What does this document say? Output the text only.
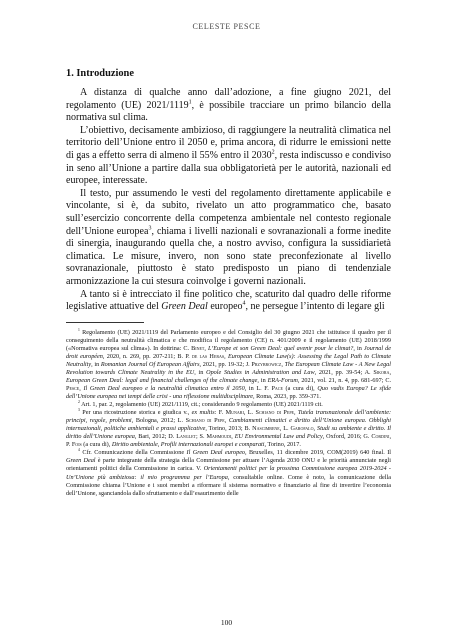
CELESTE PESCE
1. Introduzione

A distanza di qualche anno dall’adozione, a fine giugno 2021, del regolamento (UE) 2021/1119$^1$, è possibile tracciare un primo bilancio della normativa sul clima.

L’obiettivo, decisamente ambizioso, di raggiungere la neutralità climatica nel territorio dell’Unione entro il 2050 e, prima ancora, di ridurre le emissioni nette di gas a effetto serra di almeno il 55% entro il 2030$^2$, resta indiscusso e condiviso in seno all’Unione a partire dalla sua obbligatorietà per le autorità, nazionali ed europee, interessate.

Il testo, pur assumendo le vesti del regolamento direttamente applicabile e vincolante, si è, da subito, rivelato un atto programmatico che, basato sull’esercizio concorrente della competenza ambientale nel contesto regionale dell’Unione europea$^3$, chiama i livelli nazionali e sovranazionali a forme inedite di sinergia, inaugurando quella che, a nostro avviso, configura la sussidiarietà climatica. Le misure, invero, non sono state preconfezionate al livello sovranazionale, piuttosto è stato predisposto un piano di tendenziale armonizzazione la cui stesura coinvolge i governi nazionali.

A tanto si è intrecciato il fine politico che, scaturito dal quadro delle riforme legislative attuative del Green Deal europeo$^4$, ne persegue l’intento di legare gli

$^1$ Regolamento (UE) 2021/1119 del Parlamento europeo e del Consiglio del 30 giugno 2021 che istituisce il quadro per il conseguimento della neutralità climatica e che modifica il regolamento (CE) n. 401/2009 e il regolamento (UE) 2018/1999 («Normativa europea sul clima»). In dottrina: C. Binet, L’Europe et son Green Deal: quel avenir pour le climat?, in Journal de droit européen, 2020, n. 269, pp. 207-211; B. P. de las Heras, European Climate Law(s): Assessing the Legal Path to Climate Neutrality, in Romanian Journal Of European Affairs, 2021, pp. 19-32; J. Przybrowicz, The European Climate Law - A New Legal Revolution towards Climate Neutrality in the EU, in Opole Studies in Administration and Law, 2021, pp. 39-54; A. Sikora, European Green Deal: legal and financial challenges of the climate change, in ERA-Forum, 2021, vol. 21, n. 4, pp. 681-697; C. Pesce, Il Green Deal europeo e la neutralità climatica entro il 2050, in L. F. Pace (a cura di), Quo vadis Europa? Le sfide dell’Unione europea nei tempi delle crisi - una riflessione multidisciplinare, Roma, 2023, pp. 359-371.

$^2$ Art. 1, par. 2, regolamento (UE) 2021/1119, cit.; considerando 9 regolamento (UE) 2021/1119 cit.

$^3$ Per una ricostruzione storica e giudica v., ex multis: F. Munari, L. Schiano di Pepe, Tutela transnazionale dell’ambiente: principi, regole, problemi, Bologna, 2012; L. Schiano di Pepe, Cambiamenti climatici e diritto dell’Unione europea. Obblighi internazionali, politiche ambientali e prassi applicative, Torino, 2013; B. Nascimbene, L. Garofalo, Studi su ambiente e diritto. Il diritto dell’Unione europea, Bari, 2012; D. Langlet; S. Mahmoudi, EU Environmental Law and Policy, Oxford, 2016; G. Cordini, P. Fois (a cura di), Diritto ambientale, Profili internazionali europei e comparati, Torino, 2017.

$^4$ Cfr. Comunicazione della Commissione Il Green Deal europeo, Bruxelles, 11 dicembre 2019, COM(2019) 640 final. Il Green Deal è parte integrante della strategia della Commissione per attuare l’Agenda 2030 ONU e le priorità annunciate negli orientamenti politici della Commissione in carica. V. Orientamenti politici per la prossima Commissione europea 2019-2024 - Un’Unione più ambiziosa: il mio programma per l’Europa, consultabile online. Come è noto, la comunicazione della Commissione chiama l’Unione e i suoi membri a riformare il sistema normativo e finanziario al fine di invertire l’economia dell’Unione, sganciandola dallo sfruttamento e dall’esaurimento delle

100
